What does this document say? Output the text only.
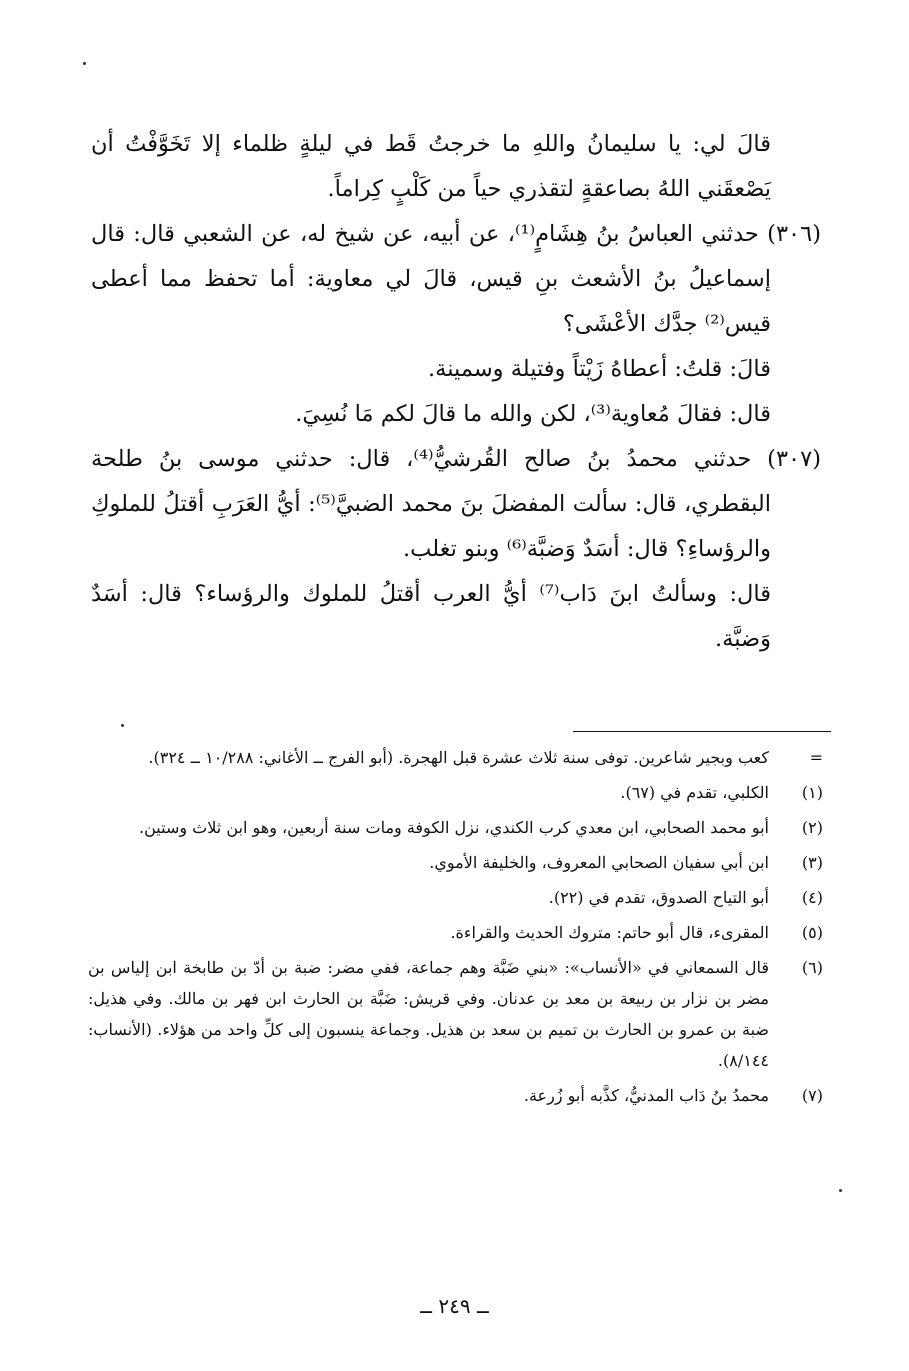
قالَ لي: يا سليمانُ واللهِ ما خرجتُ قَط في ليلةٍ ظلماء إلا تَخَوَّفْتُ أن يَصْعقَني اللهُ بصاعقةٍ لتقذري حياً من كَلْبٍ كِراماً.

(٣٠٦) حدثني العباسُ بنُ هِشَامٍ⁽¹⁾، عن أبيه، عن شيخ له، عن الشعبي قال: قال إسماعيلُ بنُ الأشعث بنِ قيس، قالَ لي معاوية: أما تحفظ مما أعطى قيس⁽²⁾ جدَّك الأعْشَى؟

قالَ: قلتُ: أعطاهُ زَيْتاً وفتيلة وسمينة.

قال: فقالَ مُعاوية⁽³⁾، لكن والله ما قالَ لكم مَا نُسِيَ.

(٣٠٧) حدثني محمدُ بنُ صالح القُرشيُّ⁽⁴⁾، قال: حدثني موسى بنُ طلحة البقطري، قال: سألت المفضلَ بنَ محمد الضبيَّ⁽⁵⁾: أيُّ العَرَبِ أقتلُ للملوكِ والرؤساءِ؟ قال: أسَدٌ وَضبَّة⁽⁶⁾ وبنو تغلب.

قال: وسألتُ ابنَ دَاب⁽⁷⁾ أيُّ العرب أقتلُ للملوك والرؤساء؟ قال: أسَدٌ وَضبَّة.

=
كعب وبجير شاعرين. توفى سنة ثلاث عشرة قبل الهجرة. (أبو الفرج ــ الأغاني: ١٠/٢٨٨ ــ ٣٢٤).
(١)
الكلبي، تقدم في (٦٧).
(٢)
أبو محمد الصحابي، ابن معدي كرب الكندي، نزل الكوفة ومات سنة أربعين، وهو ابن ثلاث وستين.
(٣)
ابن أبي سفيان الصحابي المعروف، والخليفة الأموي.
(٤)
أبو التياح الصدوق، تقدم في (٢٢).
(٥)
المقرىء، قال أبو حاتم: متروك الحديث والقراءة.
(٦)
قال السمعاني في «الأنساب»: «بني ضَبَّة وهم جماعة، ففي مضر: ضبة بن أدّ بن طابخة ابن إلياس بن مضر بن نزار بن ربيعة بن معد بن عدنان. وفي قريش: ضَبَّة بن الحارث ابن فهر بن مالك. وفي هذيل: ضبة بن عمرو بن الحارث بن تميم بن سعد بن هذيل. وجماعة ينسبون إلى كلِّ واحد من هؤلاء. (الأنساب: ٨/١٤٤).
(٧)
محمدُ بنُ دَاب المدنيُّ، كذَّبه أبو زُرعة.
ــ ٢٤٩ ــ
